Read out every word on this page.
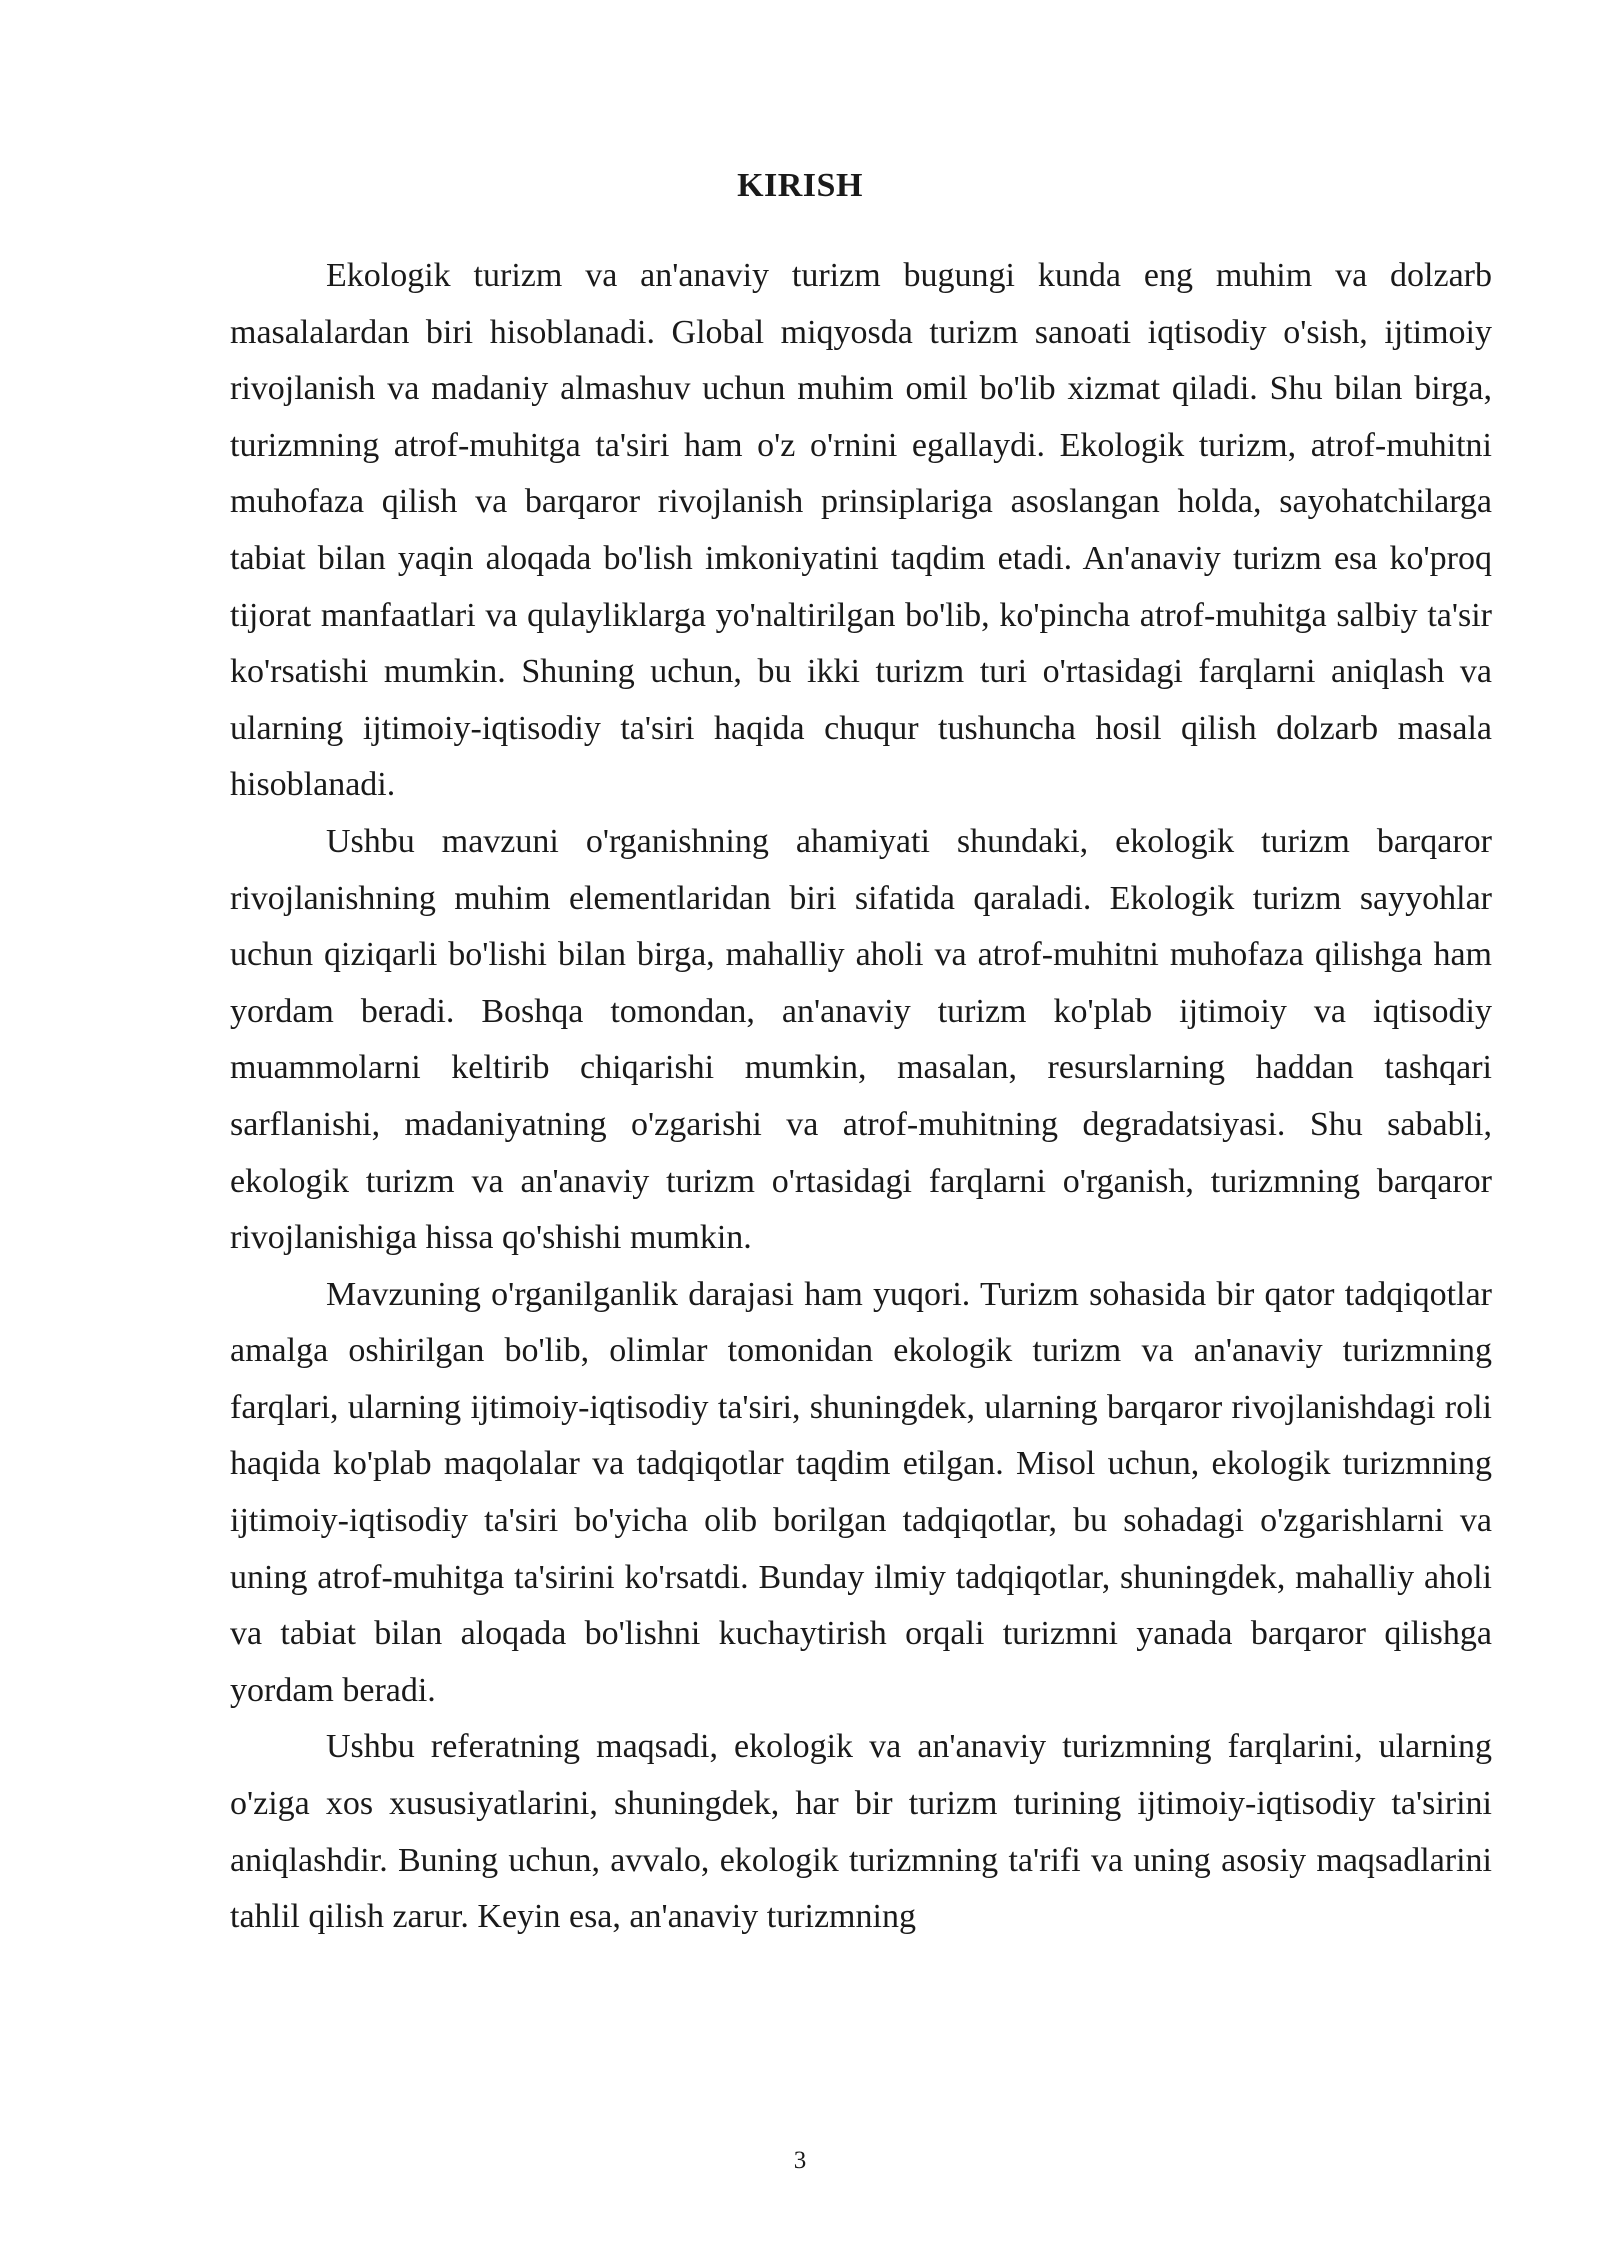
KIRISH

Ekologik turizm va an'anaviy turizm bugungi kunda eng muhim va dolzarb masalalardan biri hisoblanadi. Global miqyosda turizm sanoati iqtisodiy o'sish, ijtimoiy rivojlanish va madaniy almashuv uchun muhim omil bo'lib xizmat qiladi. Shu bilan birga, turizmning atrof-muhitga ta'siri ham o'z o'rnini egallaydi. Ekologik turizm, atrof-muhitni muhofaza qilish va barqaror rivojlanish prinsiplariga asoslangan holda, sayohatchilarga tabiat bilan yaqin aloqada bo'lish imkoniyatini taqdim etadi. An'anaviy turizm esa ko'proq tijorat manfaatlari va qulayliklarga yo'naltirilgan bo'lib, ko'pincha atrof-muhitga salbiy ta'sir ko'rsatishi mumkin. Shuning uchun, bu ikki turizm turi o'rtasidagi farqlarni aniqlash va ularning ijtimoiy-iqtisodiy ta'siri haqida chuqur tushuncha hosil qilish dolzarb masala hisoblanadi.

Ushbu mavzuni o'rganishning ahamiyati shundaki, ekologik turizm barqaror rivojlanishning muhim elementlaridan biri sifatida qaraladi. Ekologik turizm sayyohlar uchun qiziqarli bo'lishi bilan birga, mahalliy aholi va atrof-muhitni muhofaza qilishga ham yordam beradi. Boshqa tomondan, an'anaviy turizm ko'plab ijtimoiy va iqtisodiy muammolarni keltirib chiqarishi mumkin, masalan, resurslarning haddan tashqari sarflanishi, madaniyatning o'zgarishi va atrof-muhitning degradatsiyasi. Shu sababli, ekologik turizm va an'anaviy turizm o'rtasidagi farqlarni o'rganish, turizmning barqaror rivojlanishiga hissa qo'shishi mumkin.

Mavzuning o'rganilganlik darajasi ham yuqori. Turizm sohasida bir qator tadqiqotlar amalga oshirilgan bo'lib, olimlar tomonidan ekologik turizm va an'anaviy turizmning farqlari, ularning ijtimoiy-iqtisodiy ta'siri, shuningdek, ularning barqaror rivojlanishdagi roli haqida ko'plab maqolalar va tadqiqotlar taqdim etilgan. Misol uchun, ekologik turizmning ijtimoiy-iqtisodiy ta'siri bo'yicha olib borilgan tadqiqotlar, bu sohadagi o'zgarishlarni va uning atrof-muhitga ta'sirini ko'rsatdi. Bunday ilmiy tadqiqotlar, shuningdek, mahalliy aholi va tabiat bilan aloqada bo'lishni kuchaytirish orqali turizmni yanada barqaror qilishga yordam beradi.

Ushbu referatning maqsadi, ekologik va an'anaviy turizmning farqlarini, ularning o'ziga xos xususiyatlarini, shuningdek, har bir turizm turining ijtimoiy-iqtisodiy ta'sirini aniqlashdir. Buning uchun, avvalo, ekologik turizmning ta'rifi va uning asosiy maqsadlarini tahlil qilish zarur. Keyin esa, an'anaviy turizmning

3
